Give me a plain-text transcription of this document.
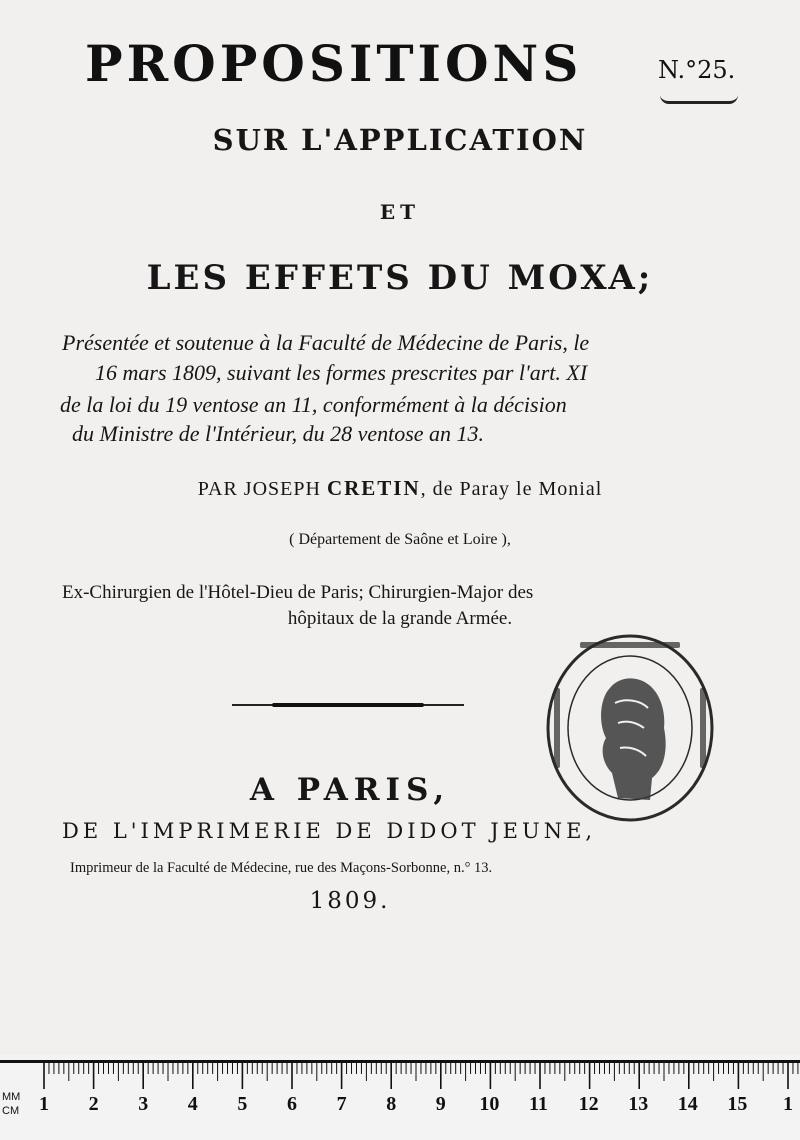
PROPOSITIONS	N.°25.
SUR L'APPLICATION
ET
LES EFFETS DU MOXA;
Présentée et soutenue à la Faculté de Médecine de Paris, le
16 mars 1809, suivant les formes prescrites par l'art. XI
de la loi du 19 ventose an 11, conformément à la décision
du Ministre de l'Intérieur, du 28 ventose an 13.
PAR JOSEPH CRETIN, de Paray le Monial
( Département de Saône et Loire ),
Ex-Chirurgien de l'Hôtel-Dieu de Paris; Chirurgien-Major des
hôpitaux de la grande Armée.
A PARIS,
DE L'IMPRIMERIE DE DIDOT JEUNE,
Imprimeur de la Faculté de Médecine, rue des Maçons-Sorbonne, n.° 13.
1809.
MM
CM 1 2 3 4 5 6 7 8 9 10 11 12 13 14 15 1
